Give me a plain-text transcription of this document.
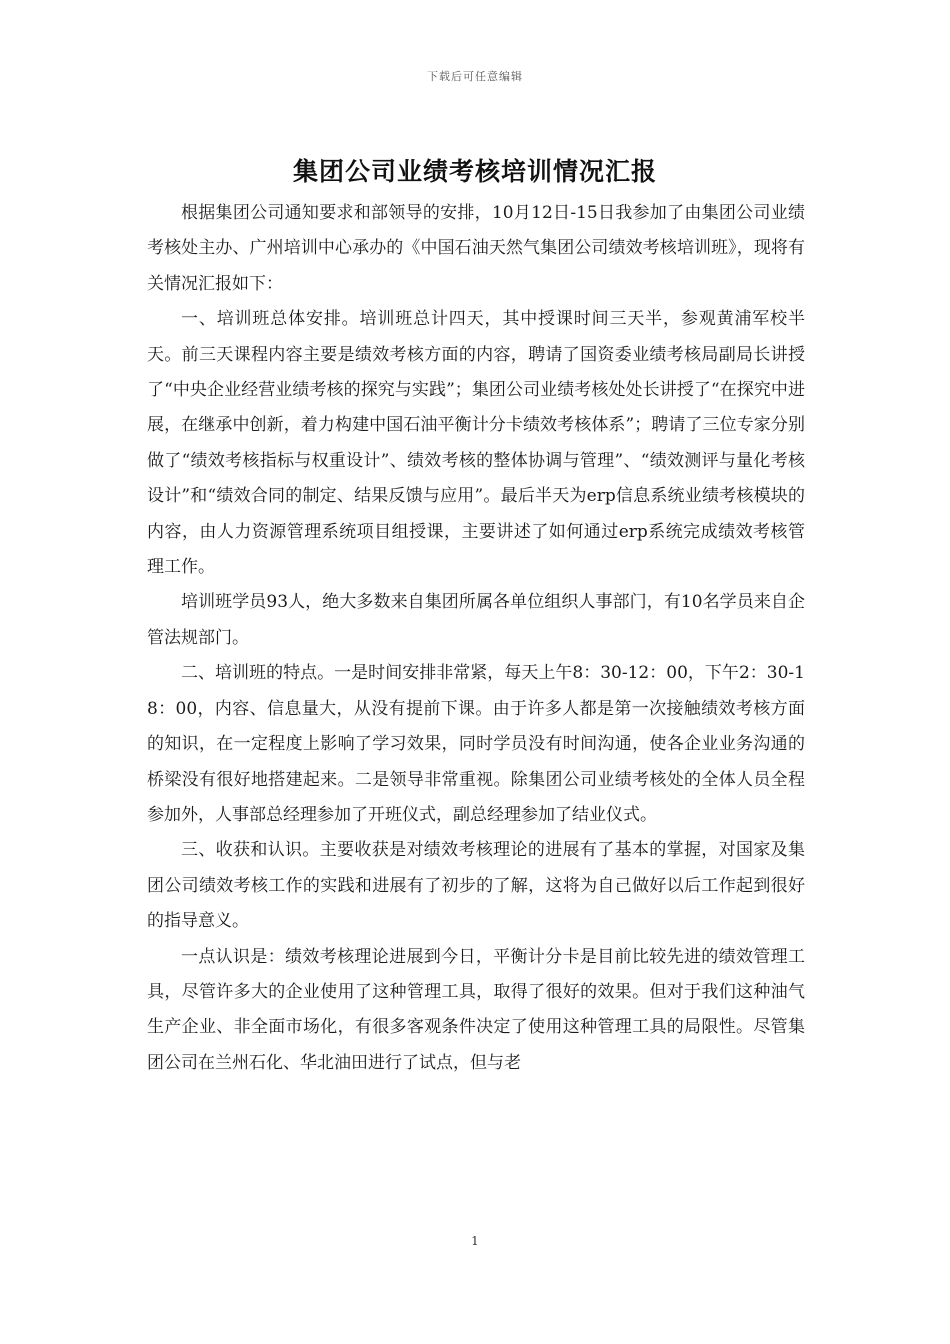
下载后可任意编辑
集团公司业绩考核培训情况汇报

根据集团公司通知要求和部领导的安排，10月12日-15日我参加了由集团公司业绩考核处主办、广州培训中心承办的《中国石油天然气集团公司绩效考核培训班》，现将有关情况汇报如下：

一、培训班总体安排。培训班总计四天，其中授课时间三天半，参观黄浦军校半天。前三天课程内容主要是绩效考核方面的内容，聘请了国资委业绩考核局副局长讲授了“中央企业经营业绩考核的探究与实践”；集团公司业绩考核处处长讲授了“在探究中进展，在继承中创新，着力构建中国石油平衡计分卡绩效考核体系”；聘请了三位专家分别做了“绩效考核指标与权重设计”、绩效考核的整体协调与管理”、“绩效测评与量化考核设计”和“绩效合同的制定、结果反馈与应用”。最后半天为erp信息系统业绩考核模块的内容，由人力资源管理系统项目组授课，主要讲述了如何通过erp系统完成绩效考核管理工作。

培训班学员93人，绝大多数来自集团所属各单位组织人事部门，有10名学员来自企管法规部门。

二、培训班的特点。一是时间安排非常紧，每天上午8：30-12：00，下午2：30-18：00，内容、信息量大，从没有提前下课。由于许多人都是第一次接触绩效考核方面的知识，在一定程度上影响了学习效果，同时学员没有时间沟通，使各企业业务沟通的桥梁没有很好地搭建起来。二是领导非常重视。除集团公司业绩考核处的全体人员全程参加外，人事部总经理参加了开班仪式，副总经理参加了结业仪式。

三、收获和认识。主要收获是对绩效考核理论的进展有了基本的掌握，对国家及集团公司绩效考核工作的实践和进展有了初步的了解，这将为自己做好以后工作起到很好的指导意义。

一点认识是：绩效考核理论进展到今日，平衡计分卡是目前比较先进的绩效管理工具，尽管许多大的企业使用了这种管理工具，取得了很好的效果。但对于我们这种油气生产企业、非全面市场化，有很多客观条件决定了使用这种管理工具的局限性。尽管集团公司在兰州石化、华北油田进行了试点，但与老

1
